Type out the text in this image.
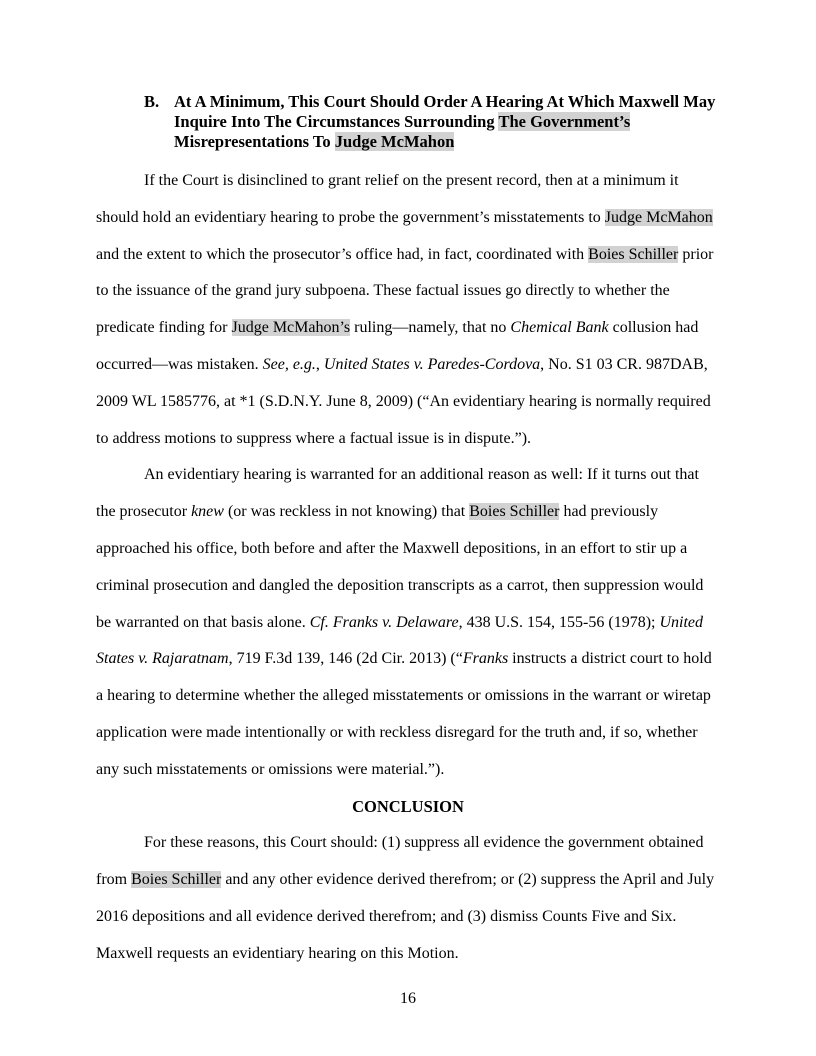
B. At A Minimum, This Court Should Order A Hearing At Which Maxwell May Inquire Into The Circumstances Surrounding The Government’s Misrepresentations To Judge McMahon

If the Court is disinclined to grant relief on the present record, then at a minimum it should hold an evidentiary hearing to probe the government’s misstatements to Judge McMahon and the extent to which the prosecutor’s office had, in fact, coordinated with Boies Schiller prior to the issuance of the grand jury subpoena. These factual issues go directly to whether the predicate finding for Judge McMahon’s ruling—namely, that no Chemical Bank collusion had occurred—was mistaken. See, e.g., United States v. Paredes-Cordova, No. S1 03 CR. 987DAB, 2009 WL 1585776, at *1 (S.D.N.Y. June 8, 2009) (“An evidentiary hearing is normally required to address motions to suppress where a factual issue is in dispute.”).

An evidentiary hearing is warranted for an additional reason as well: If it turns out that the prosecutor knew (or was reckless in not knowing) that Boies Schiller had previously approached his office, both before and after the Maxwell depositions, in an effort to stir up a criminal prosecution and dangled the deposition transcripts as a carrot, then suppression would be warranted on that basis alone. Cf. Franks v. Delaware, 438 U.S. 154, 155-56 (1978); United States v. Rajaratnam, 719 F.3d 139, 146 (2d Cir. 2013) (“Franks instructs a district court to hold a hearing to determine whether the alleged misstatements or omissions in the warrant or wiretap application were made intentionally or with reckless disregard for the truth and, if so, whether any such misstatements or omissions were material.”).

CONCLUSION

For these reasons, this Court should: (1) suppress all evidence the government obtained from Boies Schiller and any other evidence derived therefrom; or (2) suppress the April and July 2016 depositions and all evidence derived therefrom; and (3) dismiss Counts Five and Six. Maxwell requests an evidentiary hearing on this Motion.

16
